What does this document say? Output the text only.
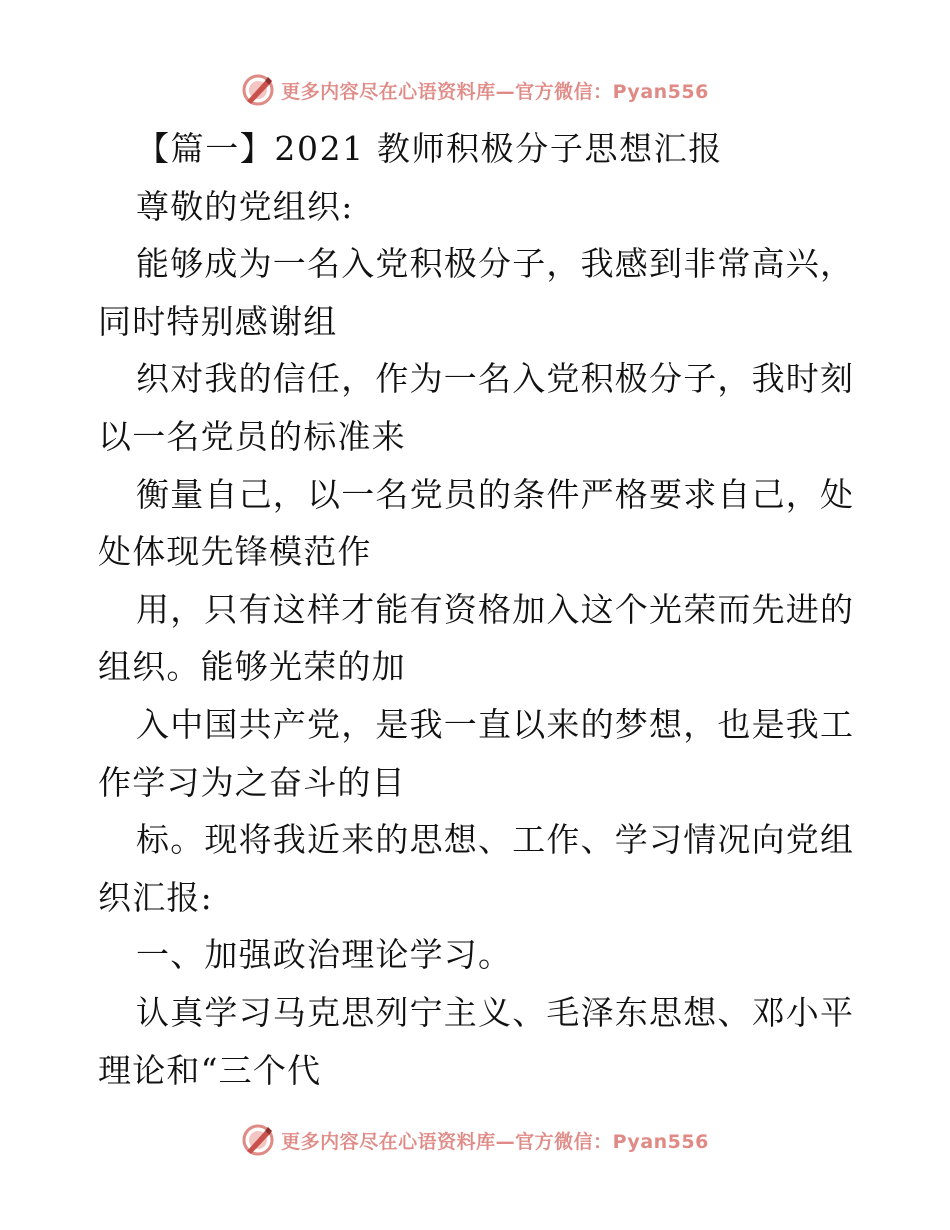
更多内容尽在心语资料库—官方微信：Pyan556
【篇一】2021 教师积极分子思想汇报
尊敬的党组织:
能够成为一名入党积极分子，我感到非常高兴，
同时特别感谢组
织对我的信任，作为一名入党积极分子，我时刻
以一名党员的标准来
衡量自己，以一名党员的条件严格要求自己，处
处体现先锋模范作
用，只有这样才能有资格加入这个光荣而先进的
组织。能够光荣的加
入中国共产党，是我一直以来的梦想，也是我工
作学习为之奋斗的目
标。现将我近来的思想、工作、学习情况向党组
织汇报:
一、加强政治理论学习。
认真学习马克思列宁主义、毛泽东思想、邓小平
理论和“三个代
更多内容尽在心语资料库—官方微信：Pyan556
